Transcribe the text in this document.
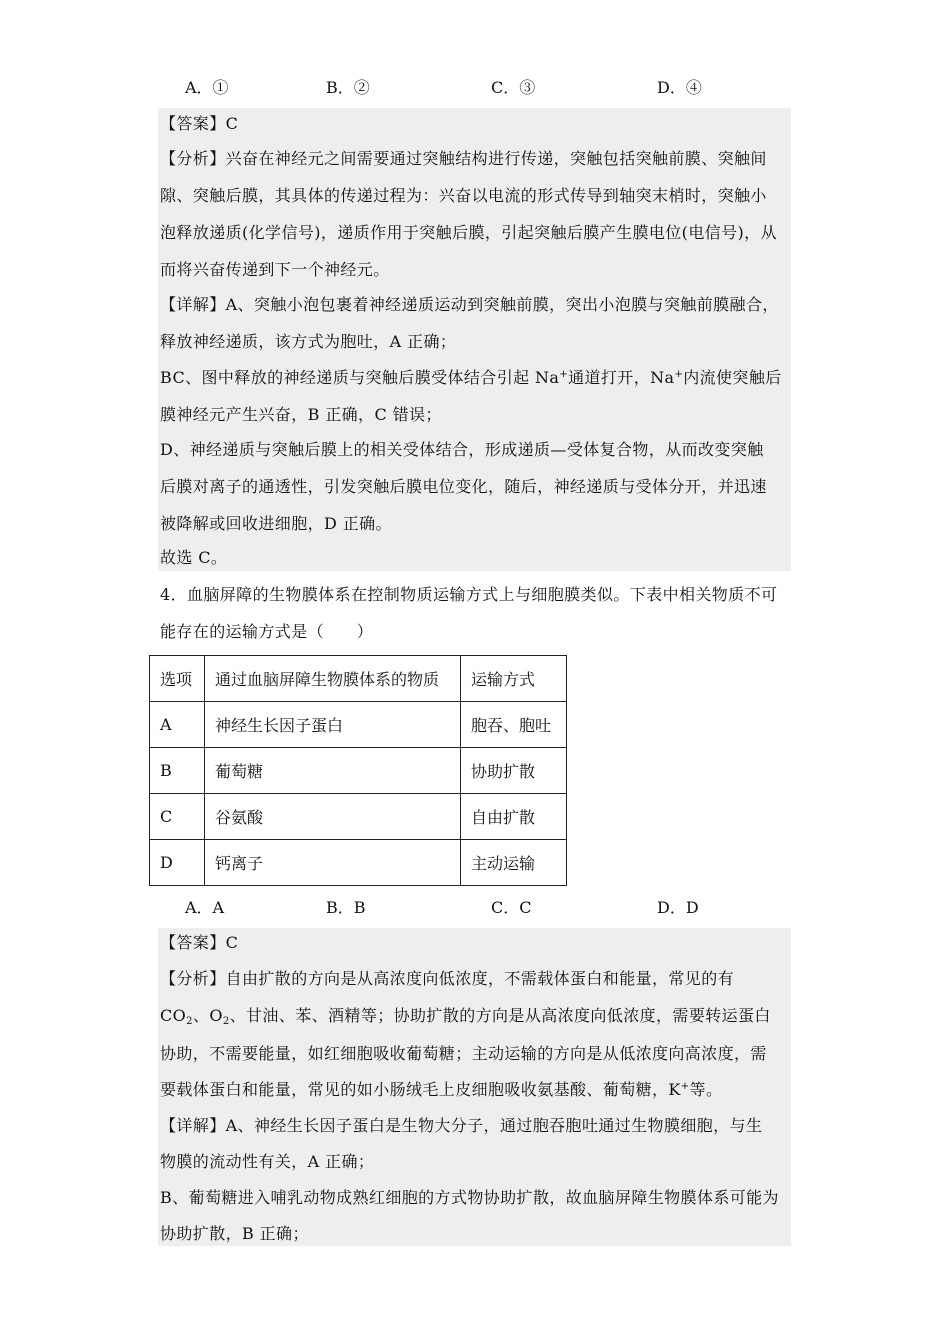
A．①	B．②	C．③	D．④
【答案】C
【分析】兴奋在神经元之间需要通过突触结构进行传递，突触包括突触前膜、突触间
隙、突触后膜，其具体的传递过程为：兴奋以电流的形式传导到轴突末梢时，突触小
泡释放递质(化学信号)，递质作用于突触后膜，引起突触后膜产生膜电位(电信号)，从
而将兴奋传递到下一个神经元。
【详解】A、突触小泡包裹着神经递质运动到突触前膜，突出小泡膜与突触前膜融合，
释放神经递质，该方式为胞吐，A 正确；
BC、图中释放的神经递质与突触后膜受体结合引起 Na+通道打开，Na+内流使突触后
膜神经元产生兴奋，B 正确，C 错误；
D、神经递质与突触后膜上的相关受体结合，形成递质—受体复合物，从而改变突触
后膜对离子的通透性，引发突触后膜电位变化，随后，神经递质与受体分开，并迅速
被降解或回收进细胞，D 正确。
故选 C。
4．血脑屏障的生物膜体系在控制物质运输方式上与细胞膜类似。下表中相关物质不可
能存在的运输方式是（　　）
选项	通过血脑屏障生物膜体系的物质	运输方式
A	神经生长因子蛋白	胞吞、胞吐
B	葡萄糖	协助扩散
C	谷氨酸	自由扩散
D	钙离子	主动运输
A．A	B．B	C．C	D．D
【答案】C
【分析】自由扩散的方向是从高浓度向低浓度，不需载体蛋白和能量，常见的有
$CO_2$、$O_2$、甘油、苯、酒精等；协助扩散的方向是从高浓度向低浓度，需要转运蛋白
协助，不需要能量，如红细胞吸收葡萄糖；主动运输的方向是从低浓度向高浓度，需
要载体蛋白和能量，常见的如小肠绒毛上皮细胞吸收氨基酸、葡萄糖，K+等。
【详解】A、神经生长因子蛋白是生物大分子，通过胞吞胞吐通过生物膜细胞，与生
物膜的流动性有关，A 正确；
B、葡萄糖进入哺乳动物成熟红细胞的方式物协助扩散，故血脑屏障生物膜体系可能为
协助扩散，B 正确；
